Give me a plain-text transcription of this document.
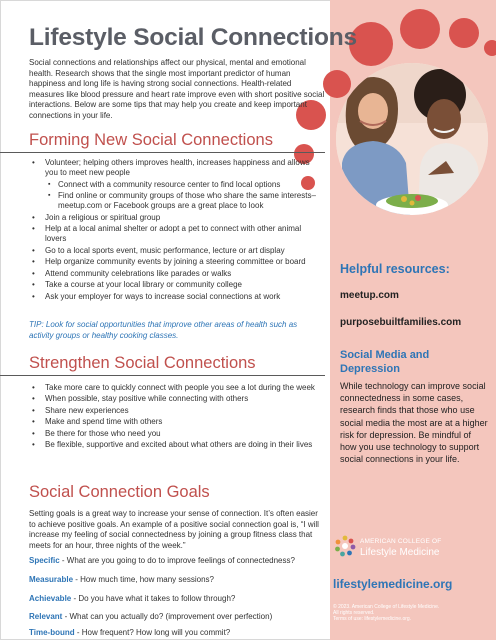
Lifestyle Social Connections

Social connections and relationships affect our physical, mental and emotional health. Research shows that the single most important predictor of human happiness and long life is having strong social connections. Health-related measures like blood pressure and heart rate improve even with short positive social interactions. Below are some tips that may help you create and keep important connections in your life.

Forming New Social Connections
• Volunteer; helping others improves health, increases happiness and allows you to meet new people
▪ Connect with a community resource center to find local options
▪ Find online or community groups of those who share the same interests– meetup.com or Facebook groups are a great place to look
• Join a religious or spiritual group
• Help at a local animal shelter or adopt a pet to connect with other animal lovers
• Go to a local sports event, music performance, lecture or art display
• Help organize community events by joining a steering committee or board
• Attend community celebrations like parades or walks
• Take a course at your local library or community college
• Ask your employer for ways to increase social connections at work

TIP: Look for social opportunities that improve other areas of health such as activity groups or healthy cooking classes.

Strengthen Social Connections
• Take more care to quickly connect with people you see a lot during the week
• When possible, stay positive while connecting with others
• Share new experiences
• Make and spend time with others
• Be there for those who need you
• Be flexible, supportive and excited about what others are doing in their lives
Social Connection Goals

Setting goals is a great way to increase your sense of connection. It’s often easier to achieve positive goals. An example of a positive social connection goal is, “I will increase my feeling of social connectedness by joining a group fitness class that meets for an hour, three nights of the week.”

Specific - What are you going to do to improve feelings of connectedness?
Measurable - How much time, how many sessions?
Achievable - Do you have what it takes to follow through?
Relevant - What can you actually do? (improvement over perfection)
Time-bound - How frequent? How long will you commit?
Helpful resources:
meetup.com
purposebuiltfamilies.com
Social Media and Depression

While technology can improve social connectedness in some cases, research finds that those who use social media the most are at a higher risk for depression. Be mindful of how you use technology to support social connections in your life.

AMERICAN COLLEGE OF
Lifestyle Medicine
lifestylemedicine.org
© 2023. American College of Lifestyle Medicine.
All rights reserved.
Terms of use: lifestylemedicine.org.
